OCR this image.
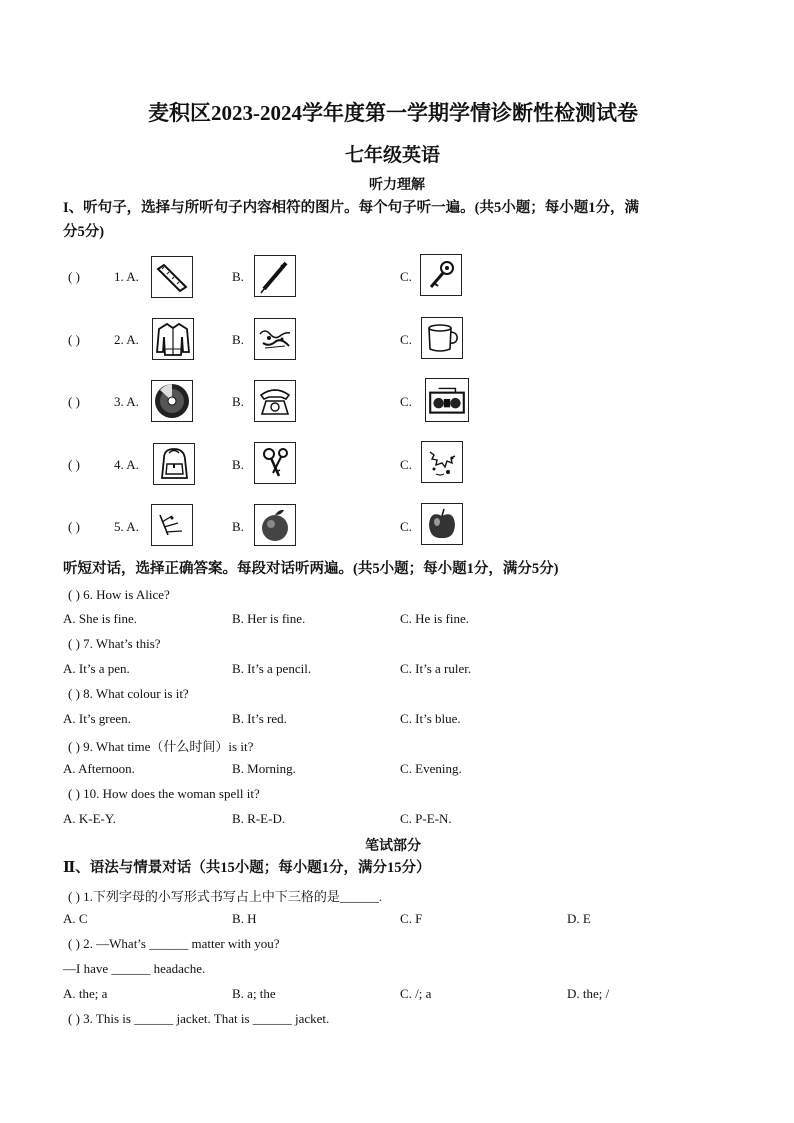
麦积区2023-2024学年度第一学期学情诊断性检测试卷
七年级英语
听力理解
I、听句子，选择与所听句子内容相符的图片。每个句子听一遍。(共5小题；每小题1分，满
分5分)
( )	1. A.	B.	C.
( )	2. A.	B.	C.
( )	3. A.	B.	C.
( )	4. A.	B.	C.
( )	5. A.	B.	C.
听短对话，选择正确答案。每段对话听两遍。(共5小题；每小题1分，满分5分)
( ) 6. How is Alice?
A. She is fine.	B. Her is fine.	C. He is fine.
( ) 7. What’s this?
A. It’s a pen.	B. It’s a pencil.	C. It’s a ruler.
( ) 8. What colour is it?
A. It’s green.	B. It’s red.	C. It’s blue.
( ) 9. What time（什么时间）is it?
A. Afternoon.	B. Morning.	C. Evening.
( ) 10. How does the woman spell it?
A. K-E-Y.	B. R-E-D.	C. P-E-N.
笔试部分
Ⅱ、语法与情景对话（共15小题；每小题1分，满分15分）
( ) 1.下列字母的小写形式书写占上中下三格的是______.
A. C	B. H	C. F	D. E
( ) 2. —What’s ______ matter with you?
—I have ______ headache.
A. the; a	B. a; the	C. /; a	D. the; /
( ) 3. This is ______ jacket. That is ______ jacket.
